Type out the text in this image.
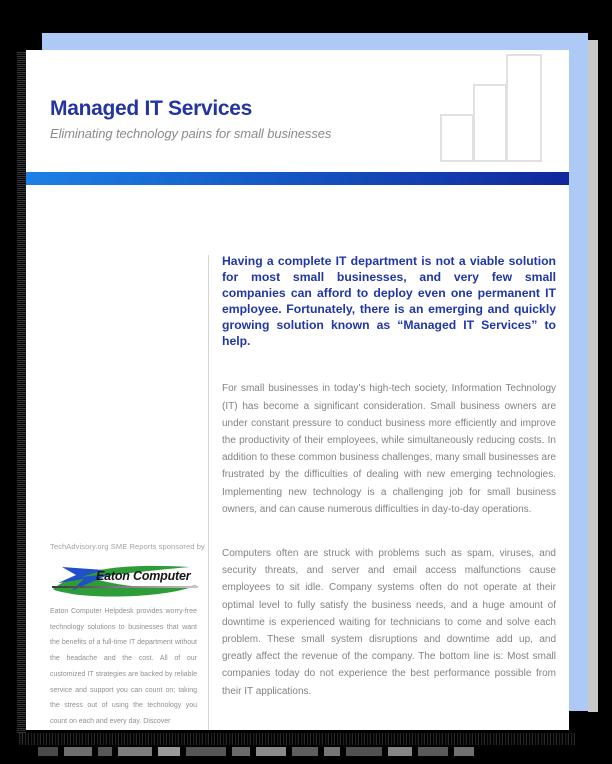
Managed IT Services
Eliminating technology pains for small businesses
TechAdvisory.org SME Reports sponsored by
Eaton Computer
Eaton Computer Helpdesk provides worry-free technology solutions to businesses that want the benefits of a full-time IT department without the headache and the cost. All of our customized IT strategies are backed by reliable service and support you can count on; taking the stress out of using the technology you count on each and every day. Discover

Having a complete IT department is not a viable solution for most small businesses, and very few small companies can afford to deploy even one permanent IT employee. Fortunately, there is an emerging and quickly growing solution known as “Managed IT Services” to help.

For small businesses in today’s high-tech society, Information Technology (IT) has become a significant consideration. Small business owners are under constant pressure to conduct business more efficiently and improve the productivity of their employees, while simultaneously reducing costs. In addition to these common business challenges, many small businesses are frustrated by the difficulties of dealing with new emerging technologies. Implementing new technology is a challenging job for small business owners, and can cause numerous difficulties in day-to-day operations.

Computers often are struck with problems such as spam, viruses, and security threats, and server and email access malfunctions cause employees to sit idle. Company systems often do not operate at their optimal level to fully satisfy the business needs, and a huge amount of downtime is experienced waiting for technicians to come and solve each problem. These small system disruptions and downtime add up, and greatly affect the revenue of the company. The bottom line is: Most small companies today do not experience the best performance possible from their IT applications.
